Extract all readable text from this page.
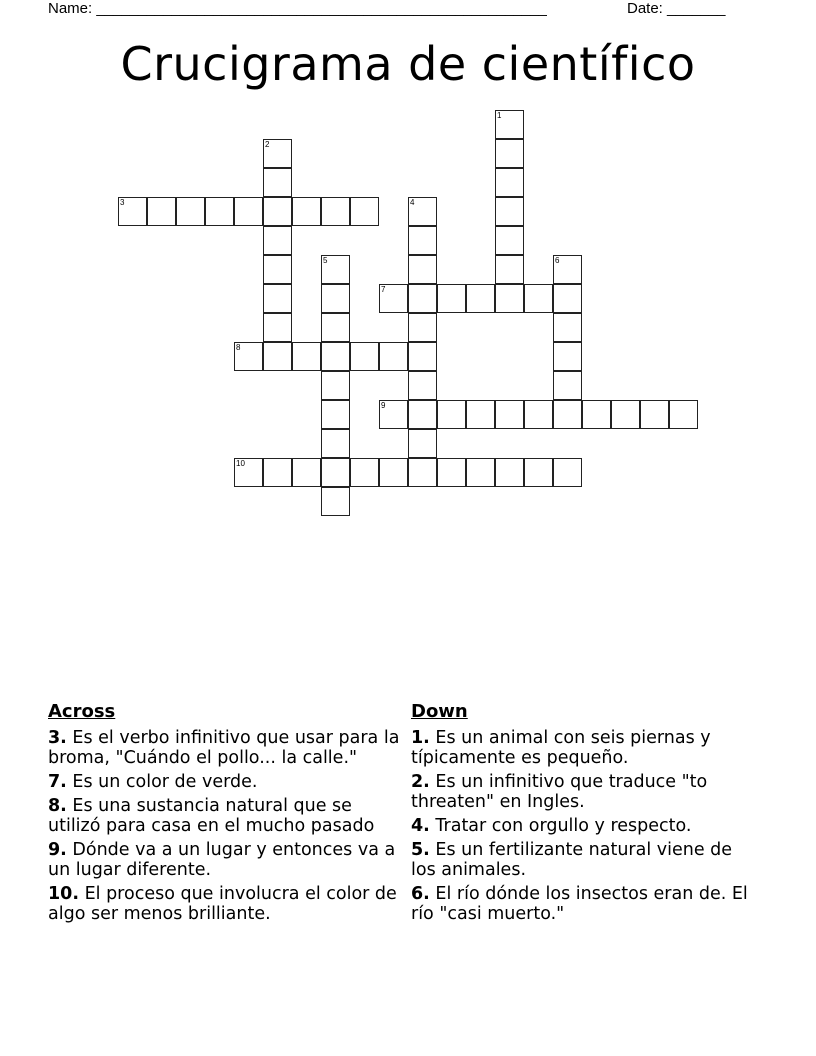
Name: ______________________________________________________	Date: _______
Crucigrama de científico
1
2
3	4
5	6
7
8
9
10
Across
3. Es el verbo infinitivo que usar para la broma, "Cuándo el pollo... la calle."
7. Es un color de verde.
8. Es una sustancia natural que se utilizó para casa en el mucho pasado
9. Dónde va a un lugar y entonces va a un lugar diferente.
10. El proceso que involucra el color de algo ser menos brilliante.
Down
1. Es un animal con seis piernas y típicamente es pequeño.
2. Es un infinitivo que traduce "to threaten" en Ingles.
4. Tratar con orgullo y respecto.
5. Es un fertilizante natural viene de los animales.
6. El río dónde los insectos eran de. El río "casi muerto."
